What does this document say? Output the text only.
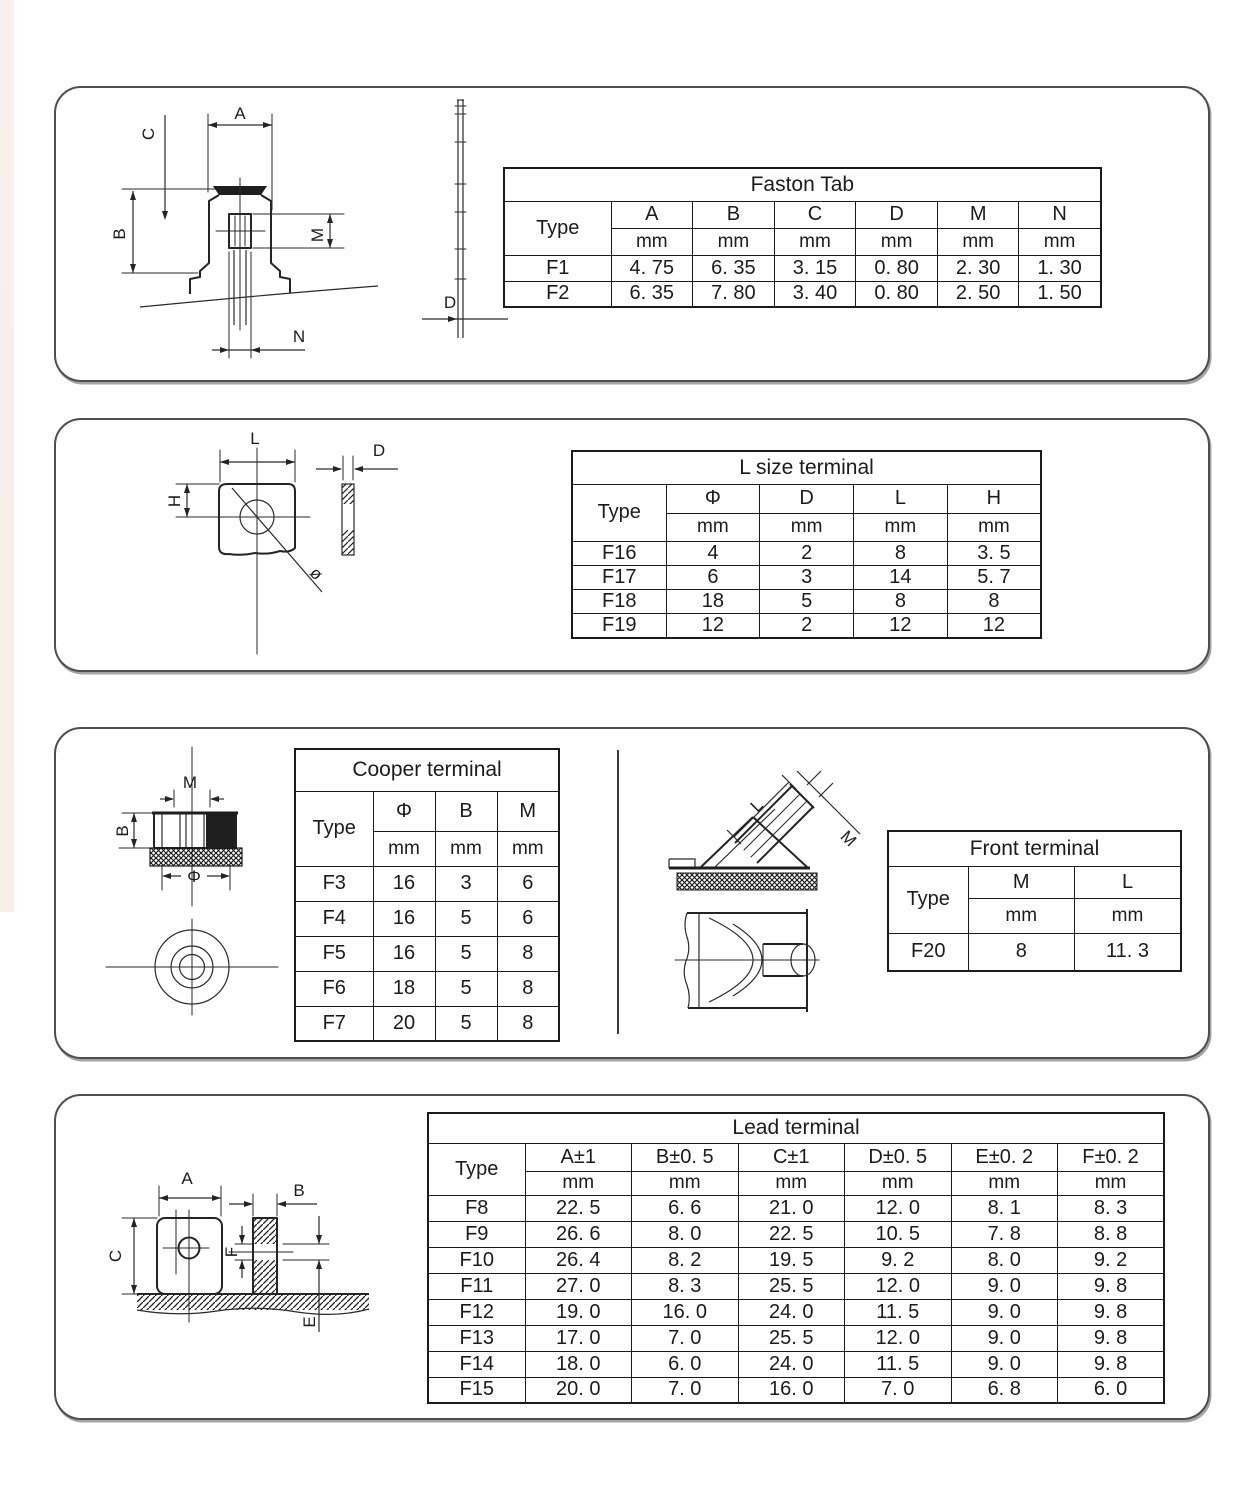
A
C
B	M
N
D
Faston Tab						
Type	A	B	C	D	M	N
	mm	mm	mm	mm	mm	mm
F1	4. 75	6. 35	3. 15	0. 80	2. 30	1. 30
F2	6. 35	7. 80	3. 40	0. 80	2. 50	1. 50
L
H
ø
D
L size terminal				
Type	Φ	D	L	H
	mm	mm	mm	mm
F16	4	2	8	3. 5
F17	6	3	14	5. 7
F18	18	5	8	8
F19	12	2	12	12
M
B
Φ
Cooper terminal			
Type	Φ	B	M
	mm	mm	mm
F3	16	3	6
F4	16	5	6
F5	16	5	8
F6	18	5	8
F7	20	5	8
L
M	Front terminal		
Type	M	L
	mm	mm
F20	8	11. 3
A
C
B
F
E
Lead terminal						
Type	A±1	B±0. 5	C±1	D±0. 5	E±0. 2	F±0. 2
	mm	mm	mm	mm	mm	mm
F8	22. 5	6. 6	21. 0	12. 0	8. 1	8. 3
F9	26. 6	8. 0	22. 5	10. 5	7. 8	8. 8
F10	26. 4	8. 2	19. 5	9. 2	8. 0	9. 2
F11	27. 0	8. 3	25. 5	12. 0	9. 0	9. 8
F12	19. 0	16. 0	24. 0	11. 5	9. 0	9. 8
F13	17. 0	7. 0	25. 5	12. 0	9. 0	9. 8
F14	18. 0	6. 0	24. 0	11. 5	9. 0	9. 8
F15	20. 0	7. 0	16. 0	7. 0	6. 8	6. 0
